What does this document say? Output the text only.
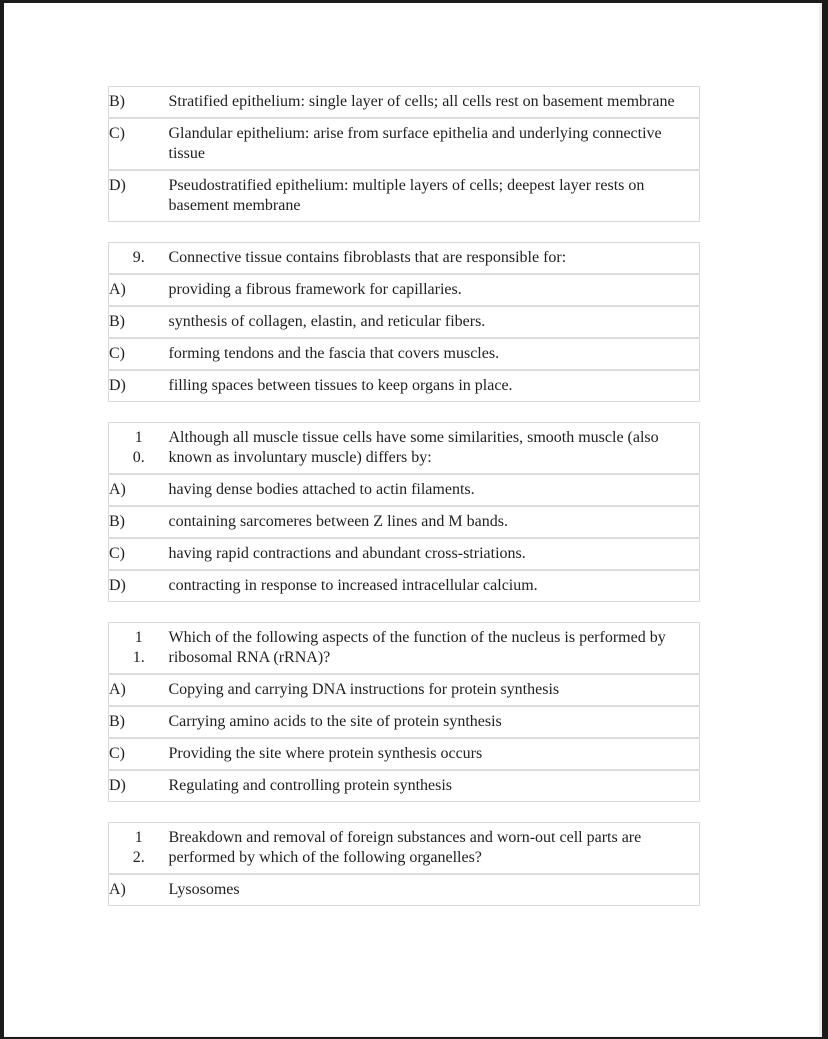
B)	Stratified epithelium: single layer of cells; all cells rest on basement membrane
C)	Glandular epithelium: arise from surface epithelia and underlying connective tissue
D)	Pseudostratified epithelium: multiple layers of cells; deepest layer rests on basement membrane
9.	Connective tissue contains fibroblasts that are responsible for:
A)	providing a fibrous framework for capillaries.
B)	synthesis of collagen, elastin, and reticular fibers.
C)	forming tendons and the fascia that covers muscles.
D)	filling spaces between tissues to keep organs in place.
10.	Although all muscle tissue cells have some similarities, smooth muscle (also known as involuntary muscle) differs by:
A)	having dense bodies attached to actin filaments.
B)	containing sarcomeres between Z lines and M bands.
C)	having rapid contractions and abundant cross-striations.
D)	contracting in response to increased intracellular calcium.
11.	Which of the following aspects of the function of the nucleus is performed by ribosomal RNA (rRNA)?
A)	Copying and carrying DNA instructions for protein synthesis
B)	Carrying amino acids to the site of protein synthesis
C)	Providing the site where protein synthesis occurs
D)	Regulating and controlling protein synthesis
12.	Breakdown and removal of foreign substances and worn-out cell parts are performed by which of the following organelles?
A)	Lysosomes
